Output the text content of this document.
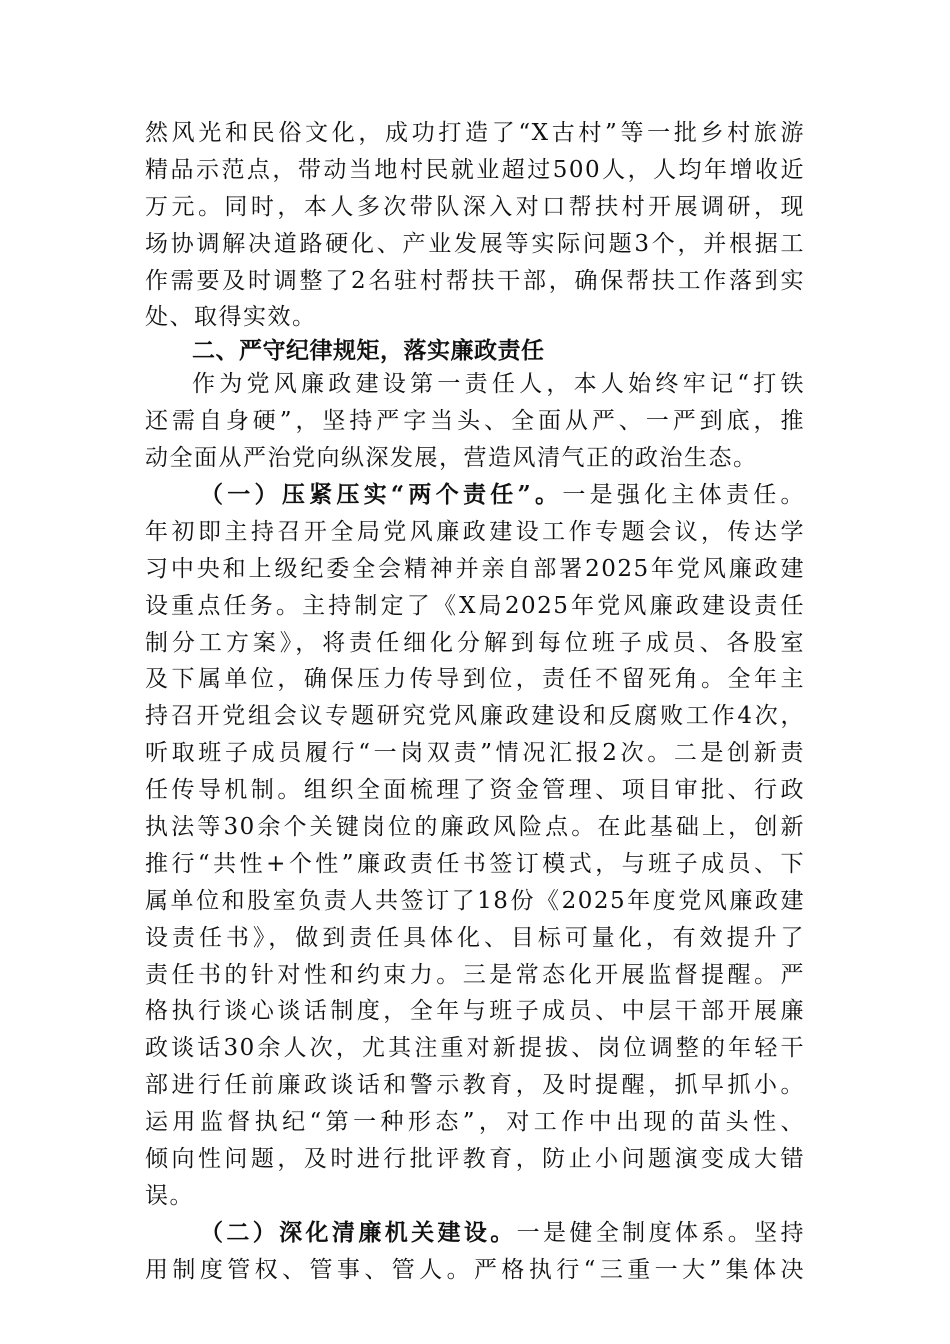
然风光和民俗文化，成功打造了“X古村”等一批乡村旅游
精品示范点，带动当地村民就业超过500人，人均年增收近
万元。同时，本人多次带队深入对口帮扶村开展调研，现
场协调解决道路硬化、产业发展等实际问题3个，并根据工
作需要及时调整了2名驻村帮扶干部，确保帮扶工作落到实
处、取得实效。
二、严守纪律规矩，落实廉政责任
作为党风廉政建设第一责任人，本人始终牢记“打铁
还需自身硬”，坚持严字当头、全面从严、一严到底，推
动全面从严治党向纵深发展，营造风清气正的政治生态。
（一）压紧压实“两个责任”。一是强化主体责任。
年初即主持召开全局党风廉政建设工作专题会议，传达学
习中央和上级纪委全会精神并亲自部署2025年党风廉政建
设重点任务。主持制定了《X局2025年党风廉政建设责任
制分工方案》，将责任细化分解到每位班子成员、各股室
及下属单位，确保压力传导到位，责任不留死角。全年主
持召开党组会议专题研究党风廉政建设和反腐败工作4次，
听取班子成员履行“一岗双责”情况汇报2次。二是创新责
任传导机制。组织全面梳理了资金管理、项目审批、行政
执法等30余个关键岗位的廉政风险点。在此基础上，创新
推行“共性+个性”廉政责任书签订模式，与班子成员、下
属单位和股室负责人共签订了18份《2025年度党风廉政建
设责任书》，做到责任具体化、目标可量化，有效提升了
责任书的针对性和约束力。三是常态化开展监督提醒。严
格执行谈心谈话制度，全年与班子成员、中层干部开展廉
政谈话30余人次，尤其注重对新提拔、岗位调整的年轻干
部进行任前廉政谈话和警示教育，及时提醒，抓早抓小。
运用监督执纪“第一种形态”，对工作中出现的苗头性、
倾向性问题，及时进行批评教育，防止小问题演变成大错
误。
（二）深化清廉机关建设。一是健全制度体系。坚持
用制度管权、管事、管人。严格执行“三重一大”集体决
